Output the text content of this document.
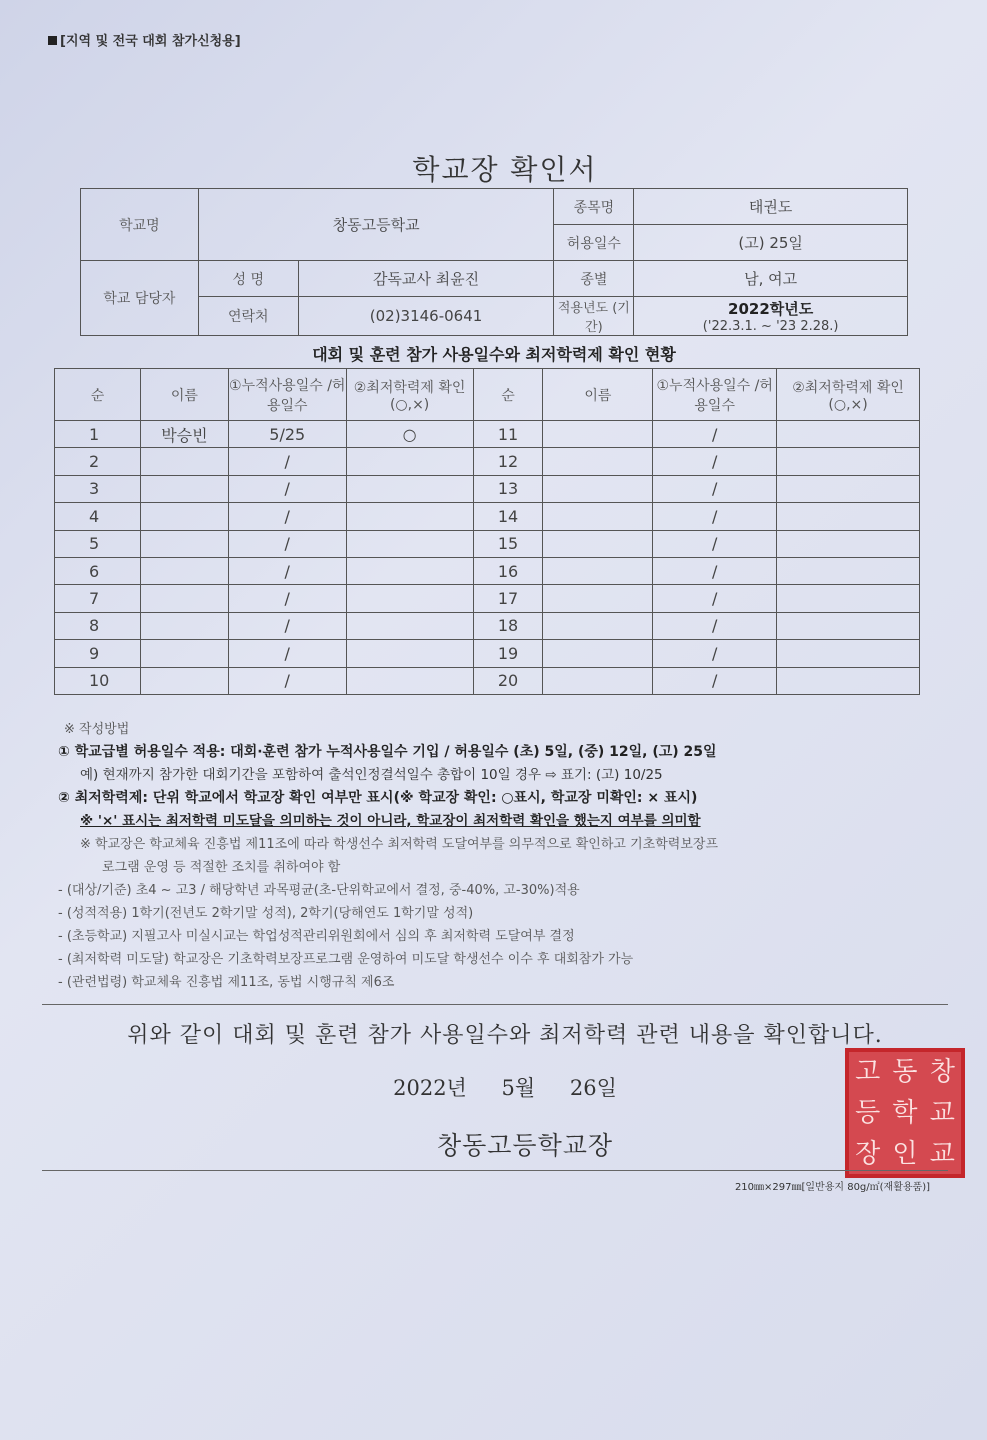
[지역 및 전국 대회 참가신청용]
학교장 확인서
학교명	창동고등학교		종목명	태권도
			허용일수	(고) 25일
학교 담당자	성 명	감독교사 최윤진	종별	남, 여고
	연락처	(02)3146-0641	적용년도 (기간)	2022학년도
('22.3.1. ~ '23 2.28.)
대회 및 훈련 참가 사용일수와 최저학력제 확인 현황
순	이름	①누적사용일수 /허용일수	②최저학력제 확인(○,×)	순	이름	①누적사용일수 /허용일수	②최저학력제 확인(○,×)
1	박승빈	5/25	○	11		/	
2		/		12		/	
3		/		13		/	
4		/		14		/	
5		/		15		/	
6		/		16		/	
7		/		17		/	
8		/		18		/	
9		/		19		/	
10		/		20		/	
※ 작성방법
① 학교급별 허용일수 적용: 대회·훈련 참가 누적사용일수 기입 / 허용일수 (초) 5일, (중) 12일, (고) 25일
예) 현재까지 참가한 대회기간을 포함하여 출석인정결석일수 총합이 10일 경우 ⇨ 표기: (고) 10/25
② 최저학력제: 단위 학교에서 학교장 확인 여부만 표시(※ 학교장 확인: ○표시, 학교장 미확인: × 표시)
※ '×' 표시는 최저학력 미도달을 의미하는 것이 아니라, 학교장이 최저학력 확인을 했는지 여부를 의미함
※ 학교장은 학교체육 진흥법 제11조에 따라 학생선수 최저학력 도달여부를 의무적으로 확인하고 기초학력보장프
로그램 운영 등 적절한 조치를 취하여야 함
- (대상/기준) 초4 ~ 고3 / 해당학년 과목평균(초-단위학교에서 결정, 중-40%, 고-30%)적용
- (성적적용) 1학기(전년도 2학기말 성적), 2학기(당해연도 1학기말 성적)
- (초등학교) 지필고사 미실시교는 학업성적관리위원회에서 심의 후 최저학력 도달여부 결정
- (최저학력 미도달) 학교장은 기초학력보장프로그램 운영하여 미도달 학생선수 이수 후 대회참가 가능
- (관련법령) 학교체육 진흥법 제11조, 동법 시행규칙 제6조
위와 같이 대회 및 훈련 참가 사용일수와 최저학력 관련 내용을 확인합니다.
2022년 5월 26일
창동고등학교장
고 동 창
등 학 교
장 인 교
210㎜×297㎜[일반용지 80g/㎡(재활용품)]
